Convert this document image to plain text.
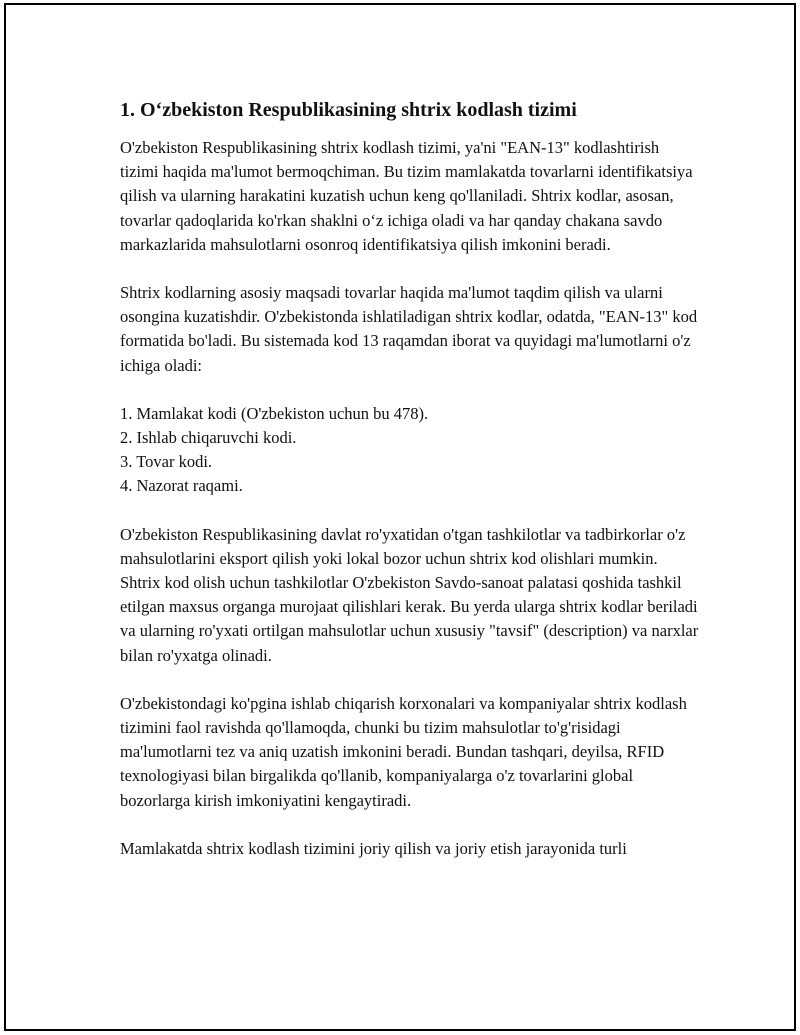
1. O‘zbekiston Respublikasining shtrix kodlash tizimi

O'zbekiston Respublikasining shtrix kodlash tizimi, ya'ni "EAN-13" kodlashtirish tizimi haqida ma'lumot bermoqchiman. Bu tizim mamlakatda tovarlarni identifikatsiya qilish va ularning harakatini kuzatish uchun keng qo'llaniladi. Shtrix kodlar, asosan, tovarlar qadoqlarida ko'rkan shaklni o‘z ichiga oladi va har qanday chakana savdo markazlarida mahsulotlarni osonroq identifikatsiya qilish imkonini beradi.

Shtrix kodlarning asosiy maqsadi tovarlar haqida ma'lumot taqdim qilish va ularni osongina kuzatishdir. O'zbekistonda ishlatiladigan shtrix kodlar, odatda, "EAN-13" kod formatida bo'ladi. Bu sistemada kod 13 raqamdan iborat va quyidagi ma'lumotlarni o'z ichiga oladi:

1. Mamlakat kodi (O'zbekiston uchun bu 478).
2. Ishlab chiqaruvchi kodi.
3. Tovar kodi.
4. Nazorat raqami.

O'zbekiston Respublikasining davlat ro'yxatidan o'tgan tashkilotlar va tadbirkorlar o'z mahsulotlarini eksport qilish yoki lokal bozor uchun shtrix kod olishlari mumkin. Shtrix kod olish uchun tashkilotlar O'zbekiston Savdo-sanoat palatasi qoshida tashkil etilgan maxsus organga murojaat qilishlari kerak. Bu yerda ularga shtrix kodlar beriladi va ularning ro'yxati ortilgan mahsulotlar uchun xususiy "tavsif" (description) va narxlar bilan ro'yxatga olinadi.

O'zbekistondagi ko'pgina ishlab chiqarish korxonalari va kompaniyalar shtrix kodlash tizimini faol ravishda qo'llamoqda, chunki bu tizim mahsulotlar to'g'risidagi ma'lumotlarni tez va aniq uzatish imkonini beradi. Bundan tashqari, deyilsa, RFID texnologiyasi bilan birgalikda qo'llanib, kompaniyalarga o'z tovarlarini global bozorlarga kirish imkoniyatini kengaytiradi.

Mamlakatda shtrix kodlash tizimini joriy qilish va joriy etish jarayonida turli
